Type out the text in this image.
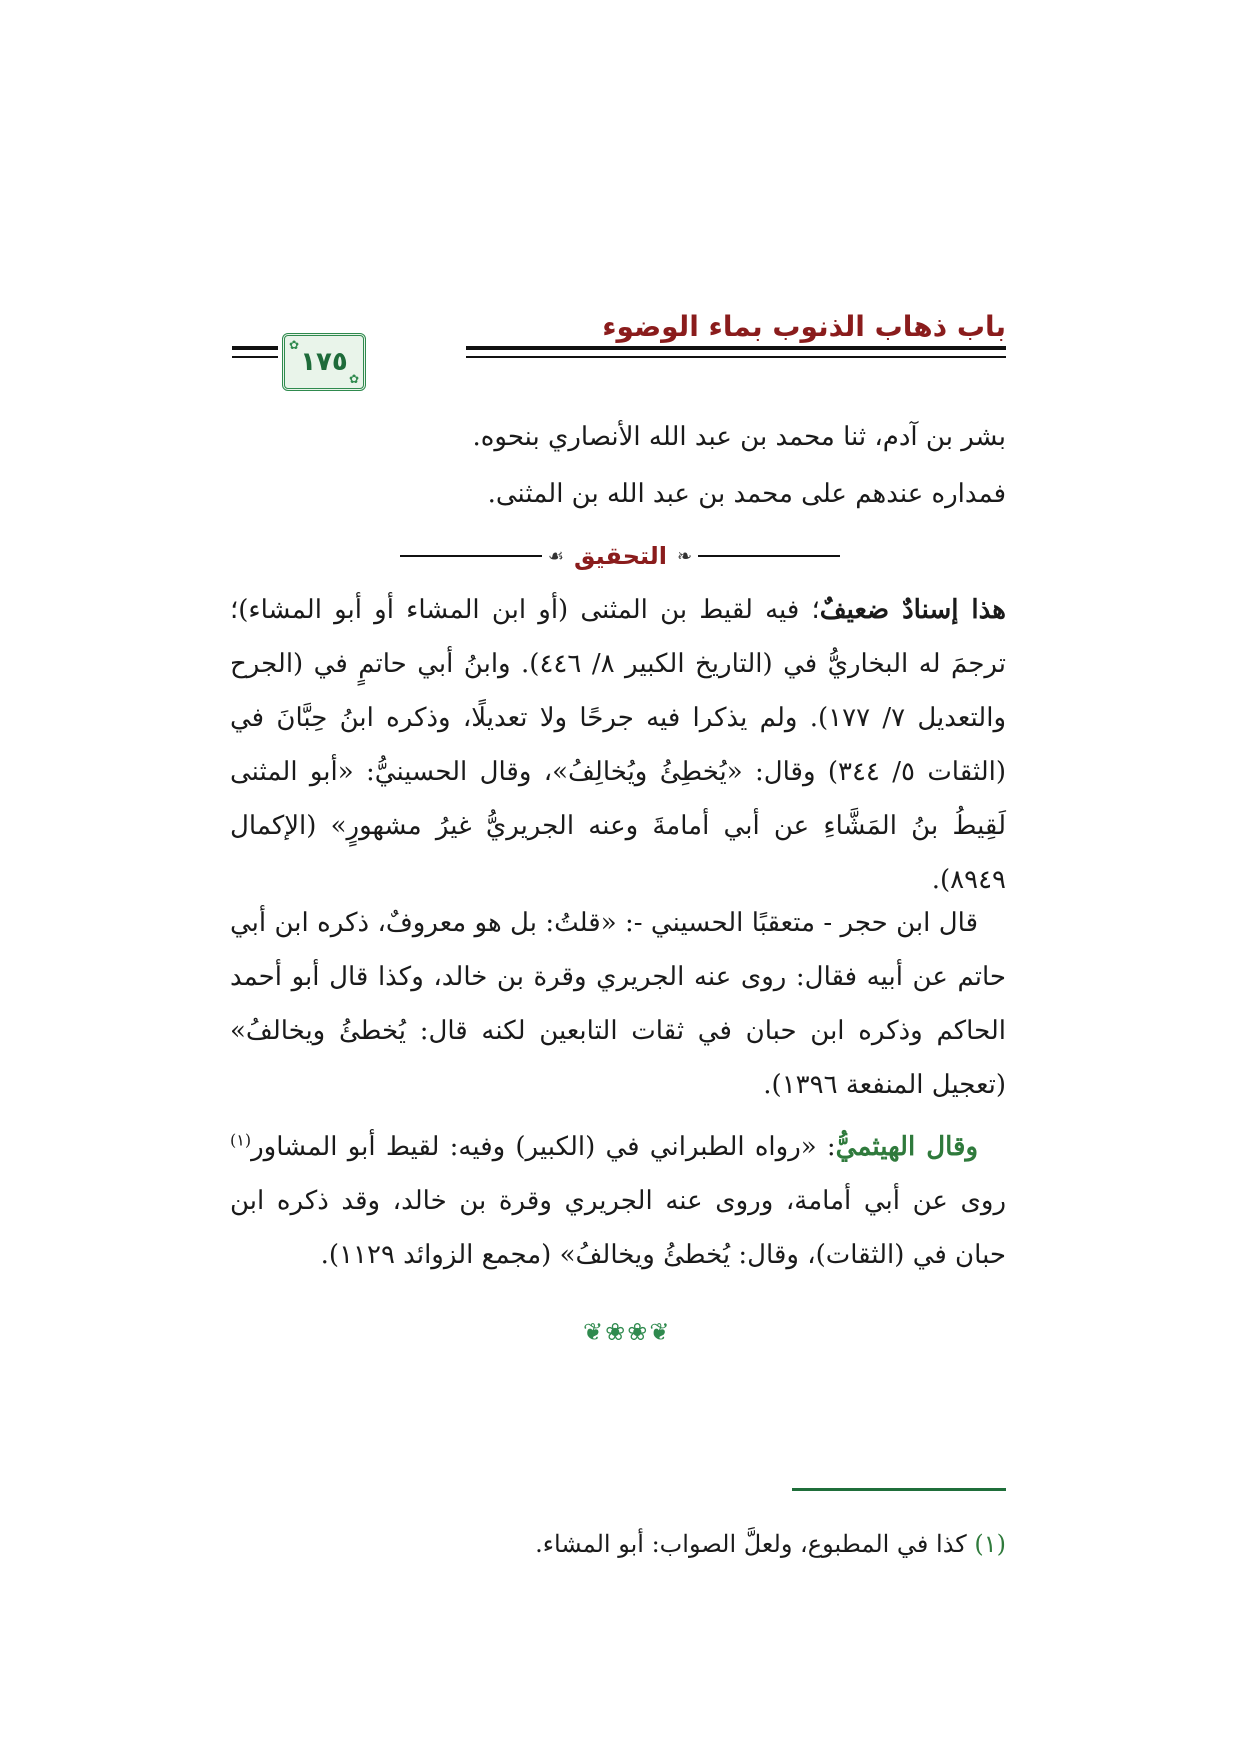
باب ذهاب الذنوب بماء الوضوء
✿ ١٧٥
✿

بشر بن آدم، ثنا محمد بن عبد الله الأنصاري بنحوه.

فمداره عندهم على محمد بن عبد الله بن المثنى.

❧
التحقيق
☙

هذا إسنادٌ ضعيفٌ؛ فيه لقيط بن المثنى (أو ابن المشاء أو أبو المشاء)؛ ترجمَ له البخاريُّ في (التاريخ الكبير ٨/ ٤٤٦). وابنُ أبي حاتمٍ في (الجرح والتعديل ٧/ ١٧٧). ولم يذكرا فيه جرحًا ولا تعديلًا، وذكره ابنُ حِبَّانَ في (الثقات ٥/ ٣٤٤) وقال: «يُخطِئُ ويُخالِفُ»، وقال الحسينيُّ: «أبو المثنى لَقِيطُ بنُ المَشَّاءِ عن أبي أمامةَ وعنه الجريريُّ غيرُ مشهورٍ» (الإكمال ٨٩٤٩).

قال ابن حجر - متعقبًا الحسيني -: «قلتُ: بل هو معروفٌ، ذكره ابن أبي حاتم عن أبيه فقال: روى عنه الجريري وقرة بن خالد، وكذا قال أبو أحمد الحاكم وذكره ابن حبان في ثقات التابعين لكنه قال: يُخطئُ ويخالفُ» (تعجيل المنفعة ١٣٩٦).

وقال الهيثميُّ: «رواه الطبراني في (الكبير) وفيه: لقيط أبو المشاور$^{(١)}$ روى عن أبي أمامة، وروى عنه الجريري وقرة بن خالد، وقد ذكره ابن حبان في (الثقات)، وقال: يُخطئُ ويخالفُ» (مجمع الزوائد ١١٢٩).

❦❀❀❦
(١) كذا في المطبوع، ولعلَّ الصواب: أبو المشاء.
